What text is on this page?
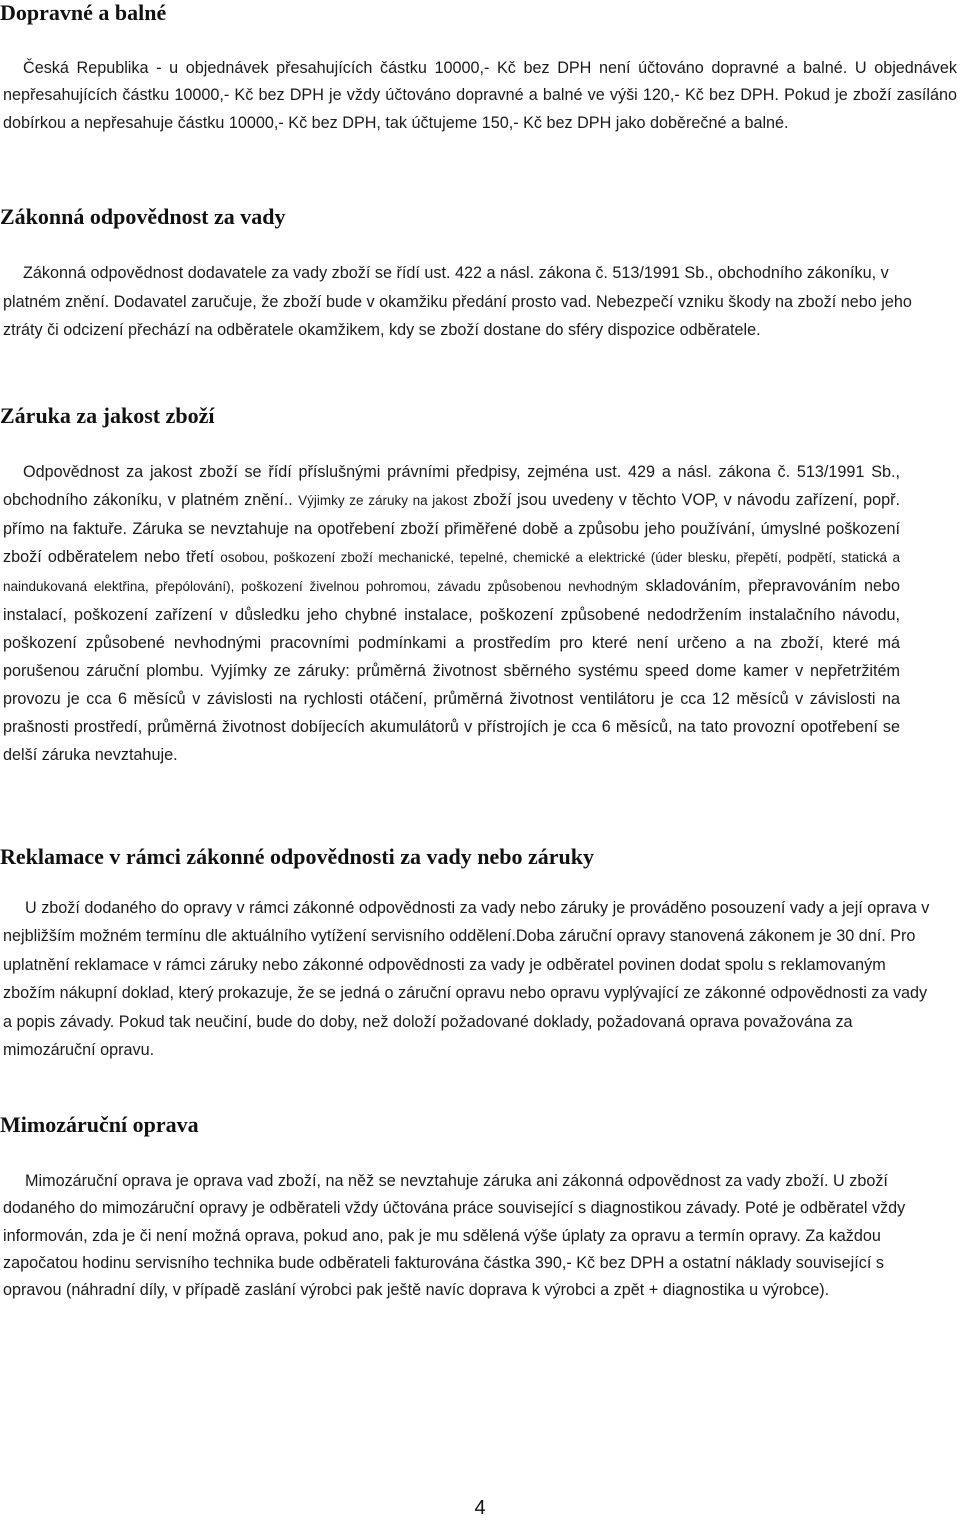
Dopravné a balné

Česká Republika - u objednávek přesahujících částku 10000,- Kč bez DPH není účtováno dopravné a balné. U objednávek nepřesahujících částku 10000,- Kč bez DPH je vždy účtováno dopravné a balné ve výši 120,- Kč bez DPH. Pokud je zboží zasíláno dobírkou a nepřesahuje částku 10000,- Kč bez DPH, tak účtujeme 150,- Kč bez DPH jako doběrečné a balné.

Zákonná odpovědnost za vady

Zákonná odpovědnost dodavatele za vady zboží se řídí ust. 422 a násl. zákona č. 513/1991 Sb., obchodního zákoníku, v platném znění. Dodavatel zaručuje, že zboží bude v okamžiku předání prosto vad. Nebezpečí vzniku škody na zboží nebo jeho ztráty či odcizení přechází na odběratele okamžikem, kdy se zboží dostane do sféry dispozice odběratele.

Záruka za jakost zboží

Odpovědnost za jakost zboží se řídí příslušnými právními předpisy, zejména ust. 429 a násl. zákona č. 513/1991 Sb., obchodního zákoníku, v platném znění.. Výjimky ze záruky na jakost zboží jsou uvedeny v těchto VOP, v návodu zařízení, popř. přímo na faktuře. Záruka se nevztahuje na opotřebení zboží přiměřené době a způsobu jeho používání, úmyslné poškození zboží odběratelem nebo třetí osobou, poškození zboží mechanické, tepelné, chemické a elektrické (úder blesku, přepětí, podpětí, statická a naindukovaná elektřina, přepólování), poškození živelnou pohromou, závadu způsobenou nevhodným skladováním, přepravováním nebo instalací, poškození zařízení v důsledku jeho chybné instalace, poškození způsobené nedodržením instalačního návodu, poškození způsobené nevhodnými pracovními podmínkami a prostředím pro které není určeno a na zboží, které má porušenou záruční plombu. Vyjímky ze záruky: průměrná životnost sběrného systému speed dome kamer v nepřetržitém provozu je cca 6 měsíců v závislosti na rychlosti otáčení, průměrná životnost ventilátoru je cca 12 měsíců v závislosti na prašnosti prostředí, průměrná životnost dobíjecích akumulátorů v přístrojích je cca 6 měsíců, na tato provozní opotřebení se delší záruka nevztahuje.

Reklamace v rámci zákonné odpovědnosti za vady nebo záruky

U zboží dodaného do opravy v rámci zákonné odpovědnosti za vady nebo záruky je prováděno posouzení vady a její oprava v nejbližším možném termínu dle aktuálního vytížení servisního oddělení.Doba záruční opravy stanovená zákonem je 30 dní. Pro uplatnění reklamace v rámci záruky nebo zákonné odpovědnosti za vady je odběratel povinen dodat spolu s reklamovaným zbožím nákupní doklad, který prokazuje, že se jedná o záruční opravu nebo opravu vyplývající ze zákonné odpovědnosti za vady a popis závady. Pokud tak neučiní, bude do doby, než doloží požadované doklady, požadovaná oprava považována za mimozáruční opravu.

Mimozáruční oprava

Mimozáruční oprava je oprava vad zboží, na něž se nevztahuje záruka ani zákonná odpovědnost za vady zboží. U zboží dodaného do mimozáruční opravy je odběrateli vždy účtována práce související s diagnostikou závady. Poté je odběratel vždy informován, zda je či není možná oprava, pokud ano, pak je mu sdělená výše úplaty za opravu a termín opravy. Za každou započatou hodinu servisního technika bude odběrateli fakturována částka 390,- Kč bez DPH a ostatní náklady související s opravou (náhradní díly, v případě zaslání výrobci pak ještě navíc doprava k výrobci a zpět + diagnostika u výrobce).

4
